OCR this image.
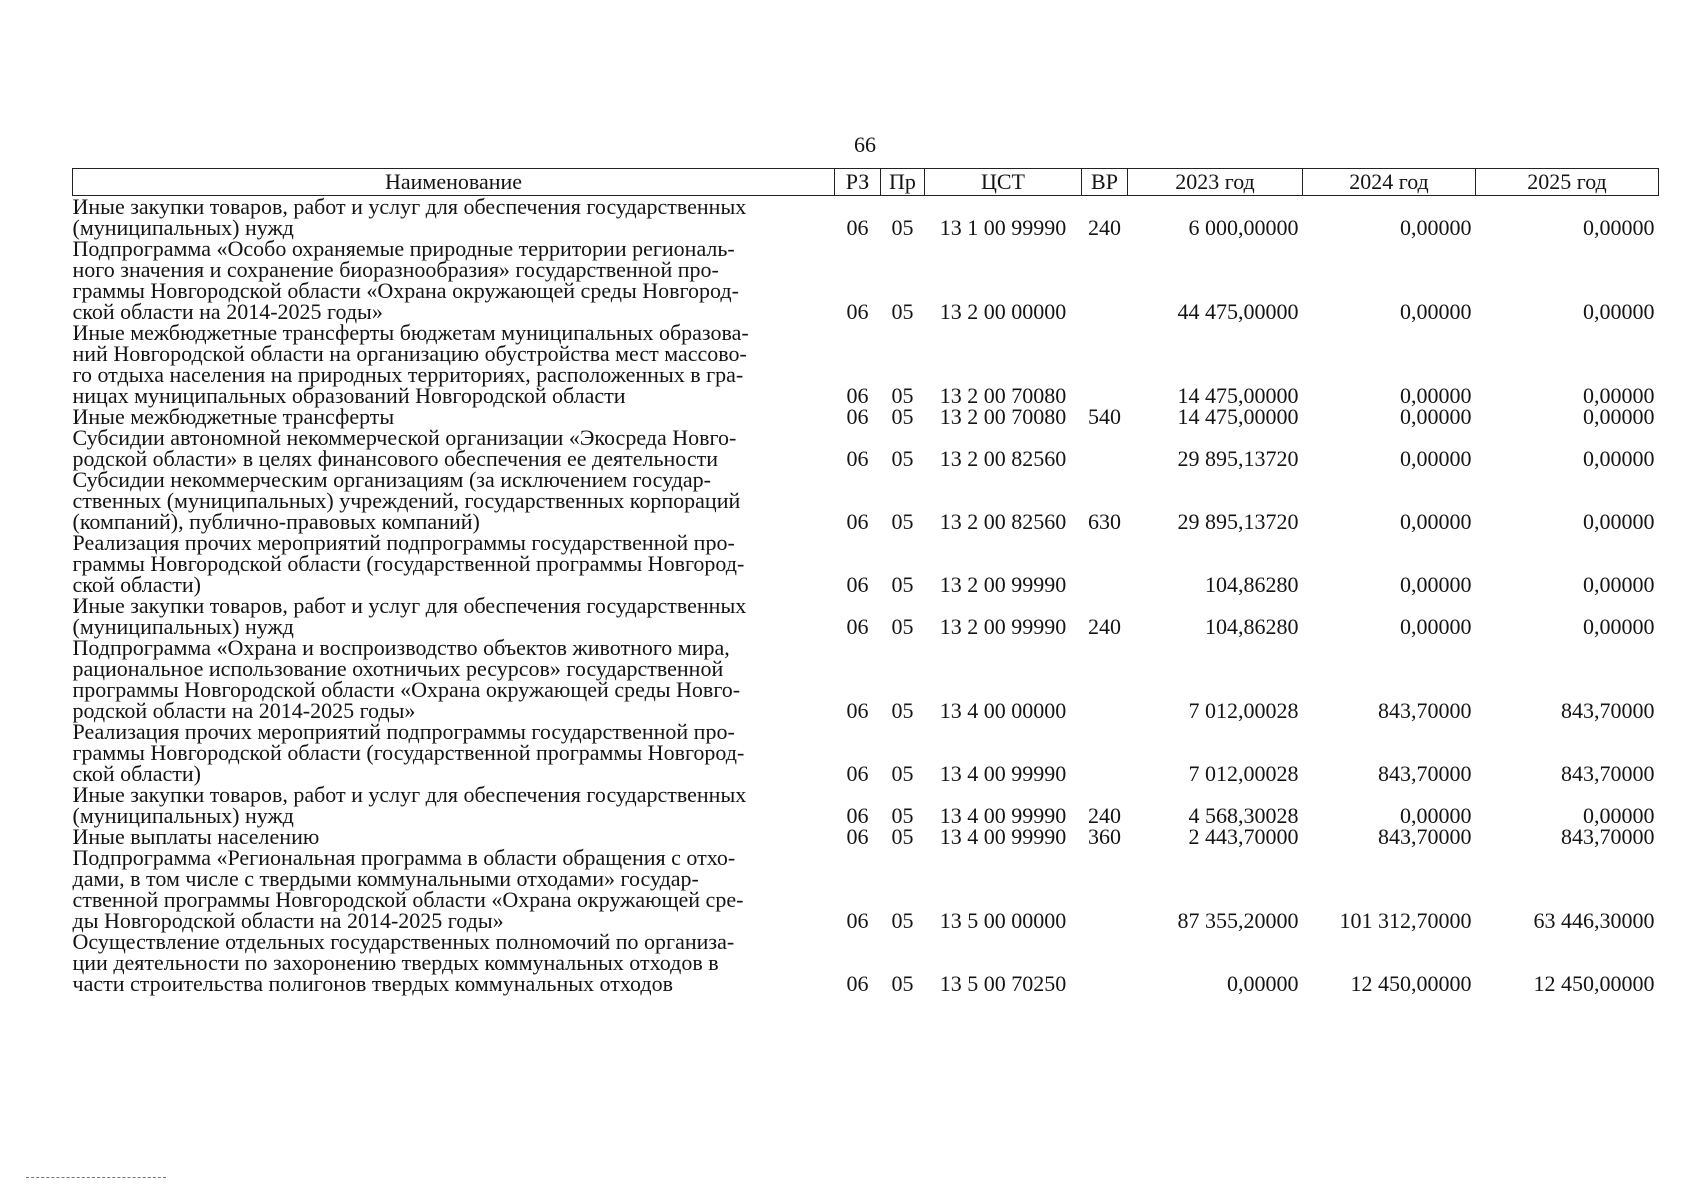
66
Наименование	РЗ	Пр	ЦСТ	ВР	2023 год	2024 год	2025 год

Иные закупки товаров, работ и услуг для обеспечения государственных
(муниципальных) нужд	06	05	13 1 00 99990	240	6 000,00000	0,00000	0,00000

Подпрограмма «Особо охраняемые природные территории региональ-
ного значения и сохранение биоразнообразия» государственной про-
граммы Новгородской области «Охрана окружающей среды Новгород-
ской области на 2014-2025 годы»	06	05	13 2 00 00000		44 475,00000	0,00000	0,00000

Иные межбюджетные трансферты бюджетам муниципальных образова-
ний Новгородской области на организацию обустройства мест массово-
го отдыха населения на природных территориях, расположенных в гра-
ницах муниципальных образований Новгородской области	06	05	13 2 00 70080		14 475,00000	0,00000	0,00000

Иные межбюджетные трансферты	06	05	13 2 00 70080	540	14 475,00000	0,00000	0,00000

Субсидии автономной некоммерческой организации «Экосреда Новго-
родской области» в целях финансового обеспечения ее деятельности	06	05	13 2 00 82560		29 895,13720	0,00000	0,00000

Субсидии некоммерческим организациям (за исключением государ-
ственных (муниципальных) учреждений, государственных корпораций
(компаний), публично-правовых компаний)	06	05	13 2 00 82560	630	29 895,13720	0,00000	0,00000

Реализация прочих мероприятий подпрограммы государственной про-
граммы Новгородской области (государственной программы Новгород-
ской области)	06	05	13 2 00 99990		104,86280	0,00000	0,00000

Иные закупки товаров, работ и услуг для обеспечения государственных
(муниципальных) нужд	06	05	13 2 00 99990	240	104,86280	0,00000	0,00000

Подпрограмма «Охрана и воспроизводство объектов животного мира,
рациональное использование охотничьих ресурсов» государственной
программы Новгородской области «Охрана окружающей среды Новго-
родской области на 2014-2025 годы»	06	05	13 4 00 00000		7 012,00028	843,70000	843,70000

Реализация прочих мероприятий подпрограммы государственной про-
граммы Новгородской области (государственной программы Новгород-
ской области)	06	05	13 4 00 99990		7 012,00028	843,70000	843,70000

Иные закупки товаров, работ и услуг для обеспечения государственных
(муниципальных) нужд	06	05	13 4 00 99990	240	4 568,30028	0,00000	0,00000

Иные выплаты населению	06	05	13 4 00 99990	360	2 443,70000	843,70000	843,70000

Подпрограмма «Региональная программа в области обращения с отхо-
дами, в том числе с твердыми коммунальными отходами» государ-
ственной программы Новгородской области «Охрана окружающей сре-
ды Новгородской области на 2014-2025 годы»	06	05	13 5 00 00000		87 355,20000	101 312,70000	63 446,30000

Осуществление отдельных государственных полномочий по организа-
ции деятельности по захоронению твердых коммунальных отходов в
части строительства полигонов твердых коммунальных отходов	06	05	13 5 00 70250		0,00000	12 450,00000	12 450,00000
